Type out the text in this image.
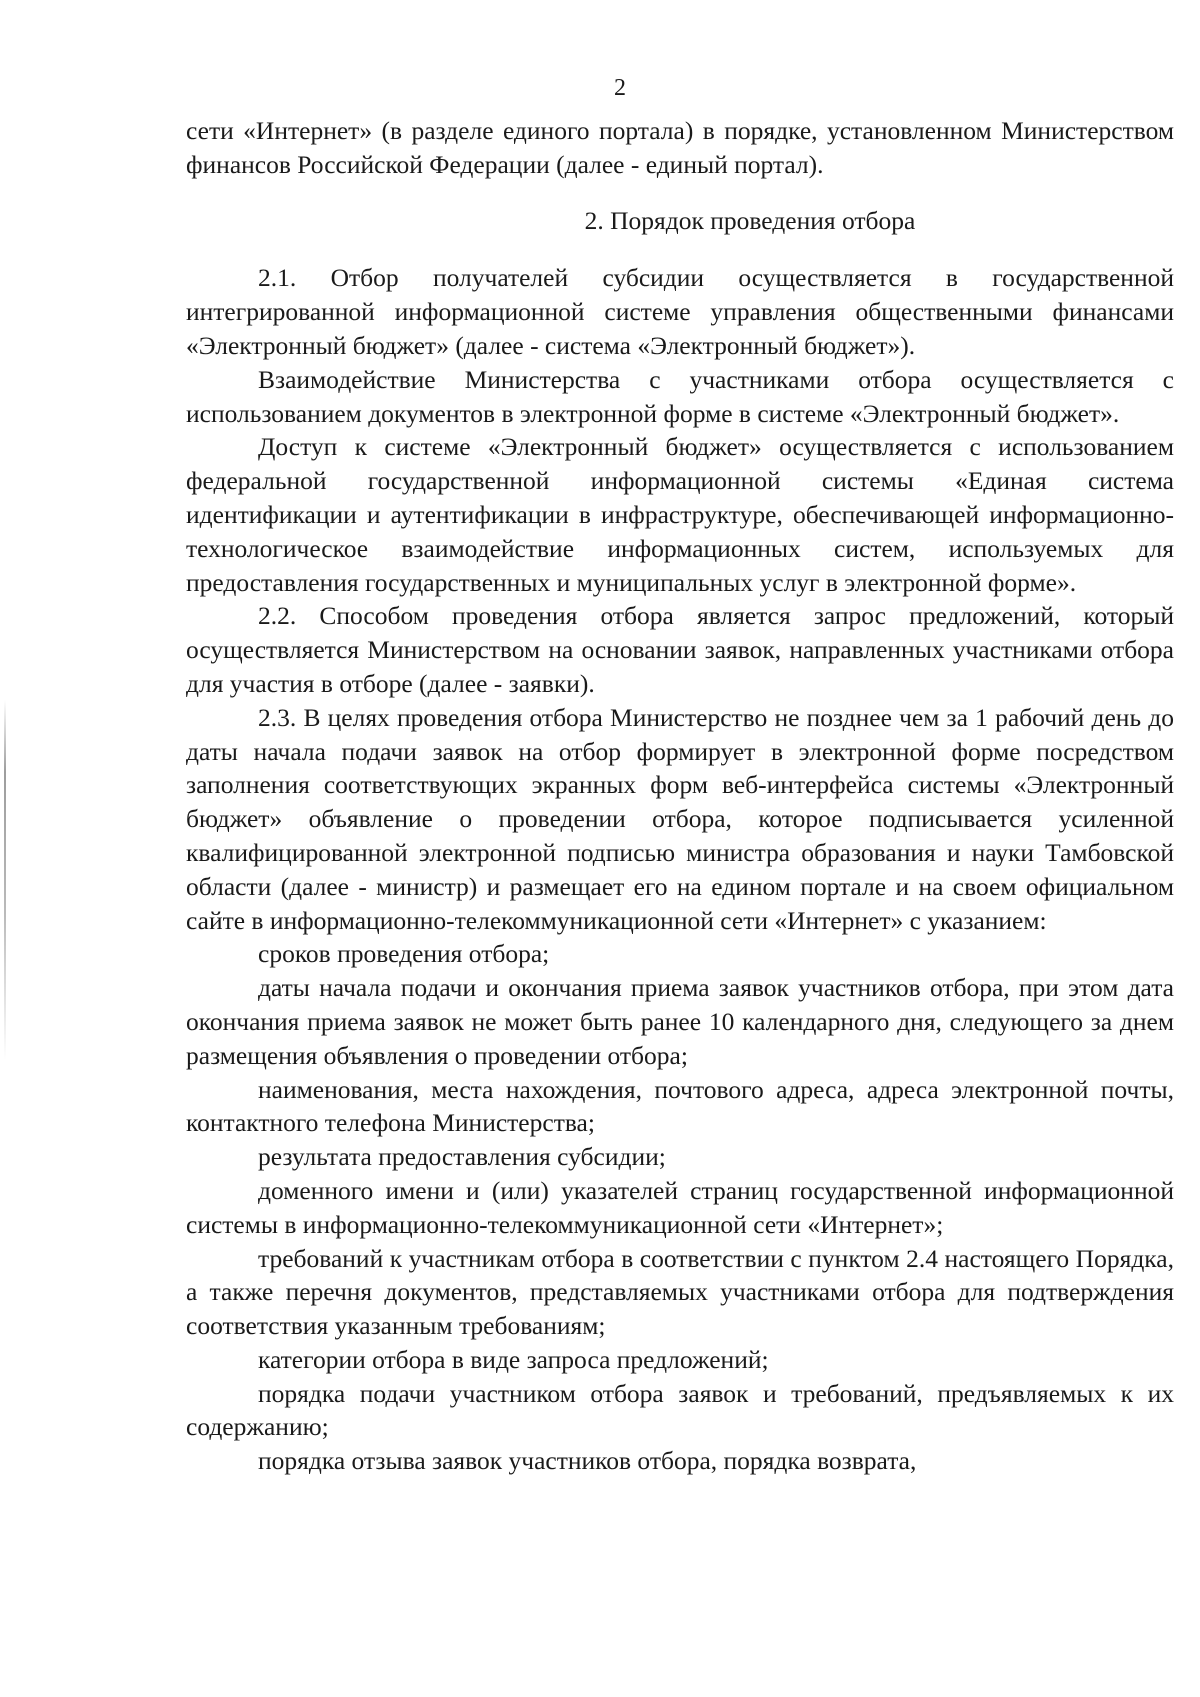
2

сети «Интернет» (в разделе единого портала) в порядке, установленном Министерством финансов Российской Федерации (далее - единый портал).

2. Порядок проведения отбора

2.1. Отбор получателей субсидии осуществляется в государственной интегрированной информационной системе управления общественными финансами «Электронный бюджет» (далее - система «Электронный бюджет»).

Взаимодействие Министерства с участниками отбора осуществляется с использованием документов в электронной форме в системе «Электронный бюджет».

Доступ к системе «Электронный бюджет» осуществляется с использованием федеральной государственной информационной системы «Единая система идентификации и аутентификации в инфраструктуре, обеспечивающей информационно-технологическое взаимодействие информационных систем, используемых для предоставления государственных и муниципальных услуг в электронной форме».

2.2. Способом проведения отбора является запрос предложений, который осуществляется Министерством на основании заявок, направленных участниками отбора для участия в отборе (далее - заявки).

2.3. В целях проведения отбора Министерство не позднее чем за 1 рабочий день до даты начала подачи заявок на отбор формирует в электронной форме посредством заполнения соответствующих экранных форм веб-интерфейса системы «Электронный бюджет» объявление о проведении отбора, которое подписывается усиленной квалифицированной электронной подписью министра образования и науки Тамбовской области (далее - министр) и размещает его на едином портале и на своем официальном сайте в информационно-телекоммуникационной сети «Интернет» с указанием:

сроков проведения отбора;

даты начала подачи и окончания приема заявок участников отбора, при этом дата окончания приема заявок не может быть ранее 10 календарного дня, следующего за днем размещения объявления о проведении отбора;

наименования, места нахождения, почтового адреса, адреса электронной почты, контактного телефона Министерства;

результата предоставления субсидии;

доменного имени и (или) указателей страниц государственной информационной системы в информационно-телекоммуникационной сети «Интернет»;

требований к участникам отбора в соответствии с пунктом 2.4 настоящего Порядка, а также перечня документов, представляемых участниками отбора для подтверждения соответствия указанным требованиям;

категории отбора в виде запроса предложений;

порядка подачи участником отбора заявок и требований, предъявляемых к их содержанию;

порядка отзыва заявок участников отбора, порядка возврата,
